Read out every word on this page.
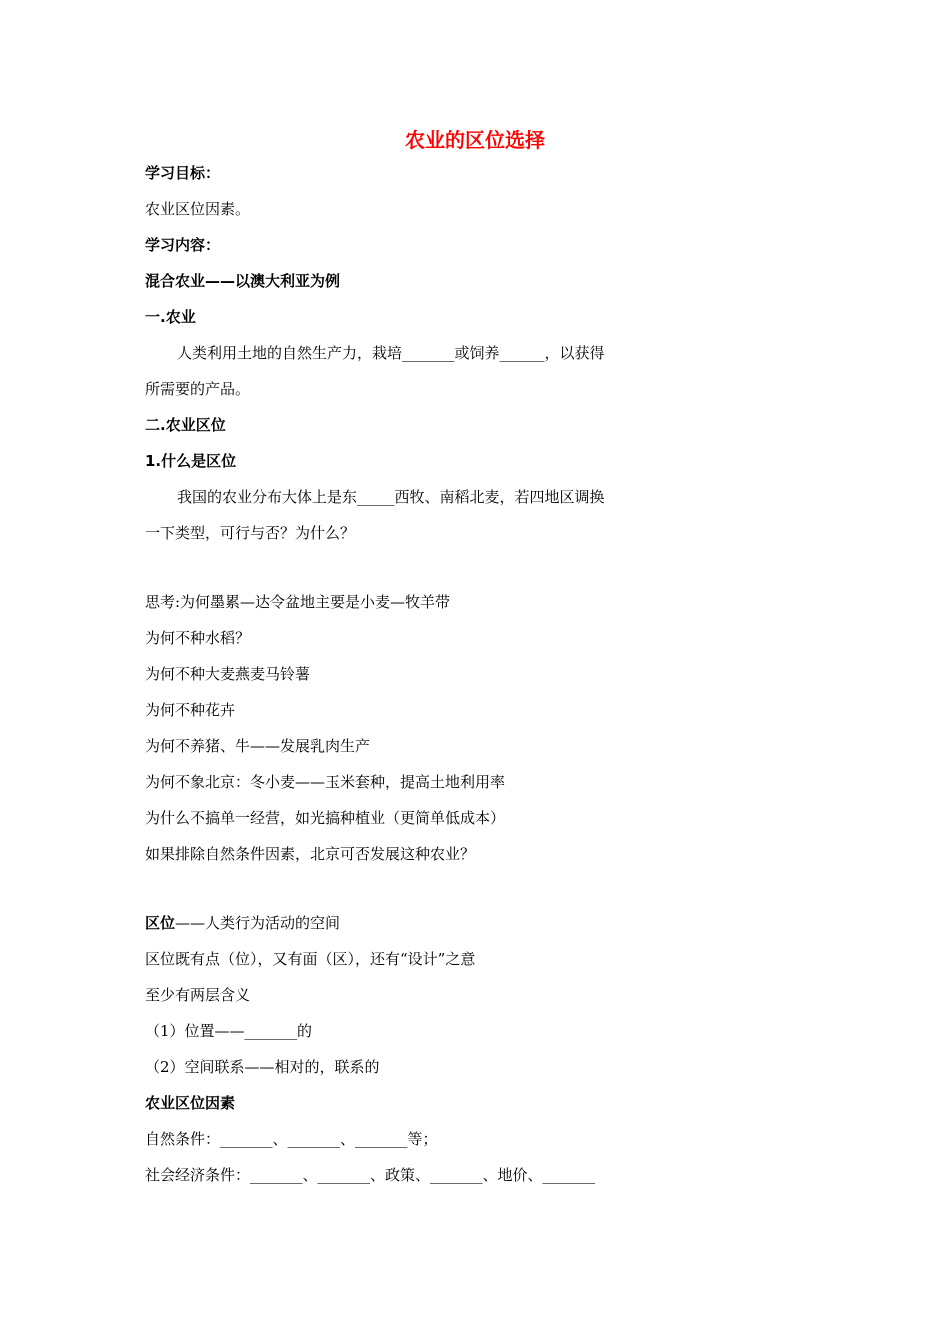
农业的区位选择
学习目标：
农业区位因素。
学习内容：
混合农业——以澳大利亚为例
一.农业
人类利用土地的自然生产力，栽培_______或饲养______，以获得
所需要的产品。
二.农业区位
1.什么是区位
我国的农业分布大体上是东_____西牧、南稻北麦，若四地区调换
一下类型，可行与否？为什么？
思考:为何墨累—达令盆地主要是小麦—牧羊带
为何不种水稻？
为何不种大麦燕麦马铃薯
为何不种花卉
为何不养猪、牛——发展乳肉生产
为何不象北京：冬小麦——玉米套种，提高土地利用率
为什么不搞单一经营，如光搞种植业（更简单低成本）
如果排除自然条件因素，北京可否发展这种农业？
区位——人类行为活动的空间
区位既有点（位），又有面（区），还有“设计”之意
至少有两层含义
（1）位置——_______的
（2）空间联系——相对的，联系的
农业区位因素
自然条件：_______、_______、_______等；
社会经济条件：_______、_______、政策、_______、地价、_______
